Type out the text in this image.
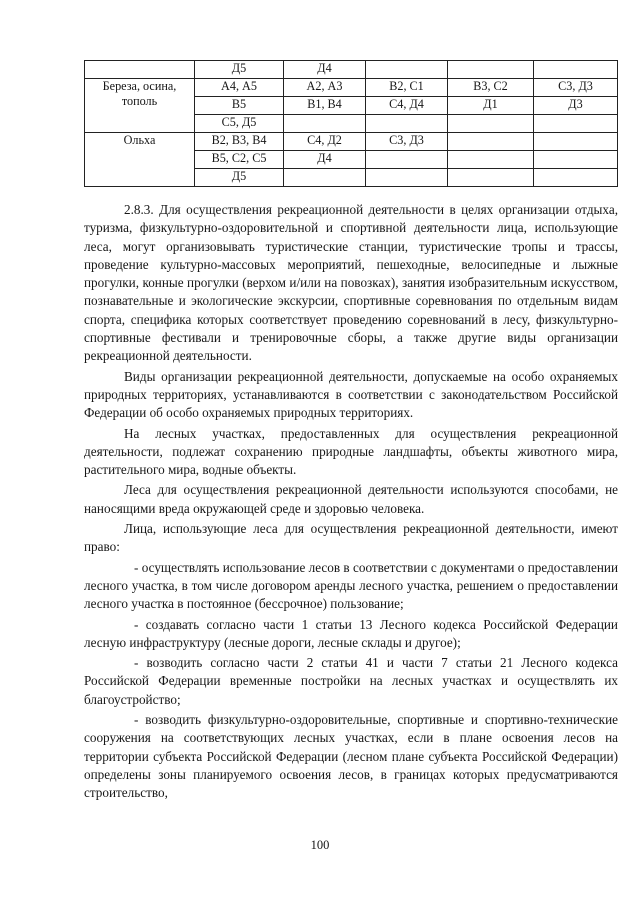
	Д5	Д4			

Береза, осина, тополь	А4, А5	А2, А3	В2, С1	В3, С2	С3, Д3

	В5	В1, В4	С4, Д4	Д1	Д3

	С5, Д5				

Ольха	В2, В3, В4	С4, Д2	С3, Д3		

	В5, С2, С5	Д4			

	Д5				

2.8.3. Для осуществления рекреационной деятельности в целях организации отдыха, туризма, физкультурно-оздоровительной и спортивной деятельности лица, использующие леса, могут организовывать туристические станции, туристические тропы и трассы, проведение культурно-массовых мероприятий, пешеходные, велосипедные и лыжные прогулки, конные прогулки (верхом и/или на повозках), занятия изобразительным искусством, познавательные и экологические экскурсии, спортивные соревнования по отдельным видам спорта, специфика которых соответствует проведению соревнований в лесу, физкультурно-спортивные фестивали и тренировочные сборы, а также другие виды организации рекреационной деятельности.

Виды организации рекреационной деятельности, допускаемые на особо охраняемых природных территориях, устанавливаются в соответствии с законодательством Российской Федерации об особо охраняемых природных территориях.

На лесных участках, предоставленных для осуществления рекреационной деятельности, подлежат сохранению природные ландшафты, объекты животного мира, растительного мира, водные объекты.

Леса для осуществления рекреационной деятельности используются способами, не наносящими вреда окружающей среде и здоровью человека.

Лица, использующие леса для осуществления рекреационной деятельности, имеют право:

- осуществлять использование лесов в соответствии с документами о предоставлении лесного участка, в том числе договором аренды лесного участка, решением о предоставлении лесного участка в постоянное (бессрочное) пользование;

- создавать согласно части 1 статьи 13 Лесного кодекса Российской Федерации лесную инфраструктуру (лесные дороги, лесные склады и другое);

- возводить согласно части 2 статьи 41 и части 7 статьи 21 Лесного кодекса Российской Федерации временные постройки на лесных участках и осуществлять их благоустройство;

- возводить физкультурно-оздоровительные, спортивные и спортивно-технические сооружения на соответствующих лесных участках, если в плане освоения лесов на территории субъекта Российской Федерации (лесном плане субъекта Российской Федерации) определены зоны планируемого освоения лесов, в границах которых предусматриваются строительство,

100
